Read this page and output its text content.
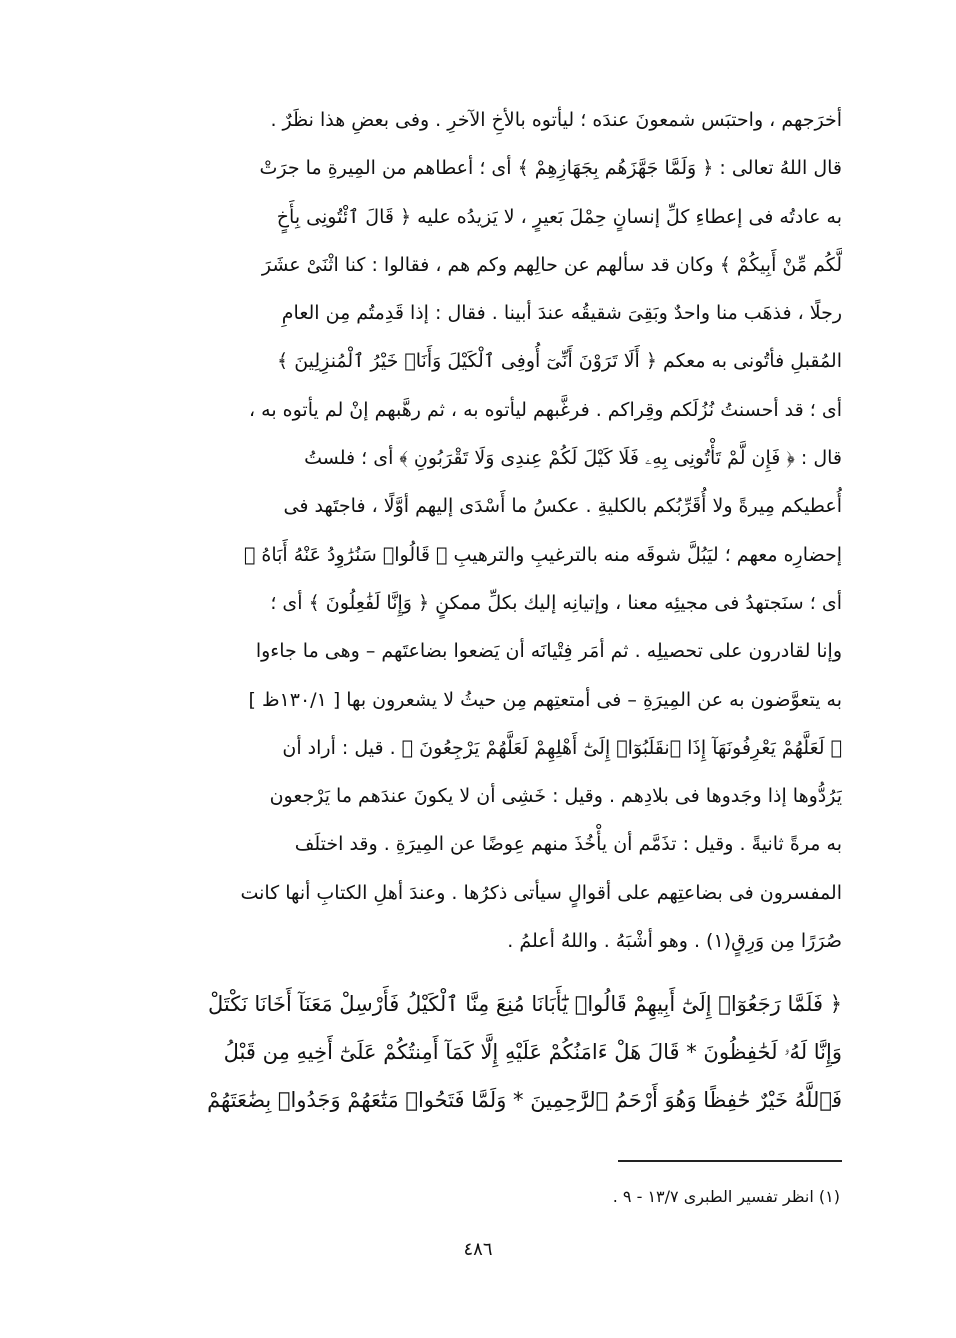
أخرَجهم ، واحتبَس شمعونَ عندَه ؛ ليأتوه بالأخِ الآخرِ . وفى بعضِ هذا نظَرٌ .
قال اللهُ تعالى : ﴿ وَلَمَّا جَهَّزَهُم بِجَهَازِهِمْ ﴾ أى ؛ أعطاهم من المِيرةِ ما جرَتْ
به عادتُه فى إعطاءِ كلِّ إنسانٍ حِمْلَ بَعيرٍ ، لا يَزيدُه عليه ﴿ قَالَ ٱئْتُونِى بِأَخٍ
لَّكُم مِّنْ أَبِيكُمْ ﴾ وكان قد سألهم عن حالِهم وكم هم ، فقالوا : كنا اثْنَىْ عشَرَ
رجلًا ، فذهَب منا واحدٌ وبَقِىَ شقيقُه عندَ أبينا . فقال : إذا قَدِمتُم مِن العامِ
المُقبلِ فأتُونى به معكم ﴿ أَلَا تَرَوْنَ أَنِّىٓ أُوفِى ٱلْكَيْلَ وَأَنَا۠ خَيْرُ ٱلْمُنزِلِينَ ﴾
أى ؛ قد أحسنتُ نُزُلَكم وقِراكم . فرغَّبهم ليأتوه به ، ثم رهَّبهم إنْ لم يأتوه به ،
قال : ﴿ فَإِن لَّمْ تَأْتُونِى بِهِۦ فَلَا كَيْلَ لَكُمْ عِندِى وَلَا تَقْرَبُونِ ﴾ أى ؛ فلستُ
أُعطيكم مِيرةً ولا أُقَرِّبُكم بالكليةِ . عكسُ ما أَسْدَى إليهم أوَّلًا ، فاجتَهد فى
إحضارِه معهم ؛ ليَبُلَّ شوقَه منه بالترغيبِ والترهيبِ ﴿ قَالُوا۟ سَنُرَٰوِدُ عَنْهُ أَبَاهُ ﴾
أى ؛ سنَجتهدُ فى مجيئِه معنا ، وإتيانِه إليك بكلِّ ممكنٍ ﴿ وَإِنَّا لَفَٰعِلُونَ ﴾ أى ؛
وإنا لقادرون على تحصيلِه . ثم أمَر فِتْيانَه أن يَضعوا بضاعتَهم – وهى ما جاءوا
به يتعوَّضون به عن المِيرَةِ – فى أمتعتِهم مِن حيثُ لا يشعرون بها [ ١٣٠/١ظ ]
﴿ لَعَلَّهُمْ يَعْرِفُونَهَآ إِذَا ٱنقَلَبُوٓا۟ إِلَىٰٓ أَهْلِهِمْ لَعَلَّهُمْ يَرْجِعُونَ ﴾ . قيل : أراد أن
يَرُدُّوها إذا وجَدوها فى بلادِهم . وقيل : خَشِى أن لا يكونَ عندَهم ما يَرْجعون
به مرةً ثانيةً . وقيل : تذَمَّم أن يأْخُذَ منهم عِوضًا عن المِيرَةِ . وقد اختلَف
المفسرون فى بضاعتِهم على أقوالٍ سيأتى ذكرُها . وعندَ أهلِ الكتابِ أنها كانت
صُرَرًا مِن وَرِقٍ(١) . وهو أشْبَهُ . واللهُ أعلمُ .
﴿ فَلَمَّا رَجَعُوٓا۟ إِلَىٰٓ أَبِيهِمْ قَالُوا۟ يَٰٓأَبَانَا مُنِعَ مِنَّا ٱلْكَيْلُ فَأَرْسِلْ مَعَنَآ أَخَانَا نَكْتَلْ
وَإِنَّا لَهُۥ لَحَٰفِظُونَ * قَالَ هَلْ ءَامَنُكُمْ عَلَيْهِ إِلَّا كَمَآ أَمِنتُكُمْ عَلَىٰٓ أَخِيهِ مِن قَبْلُ
فَٱللَّهُ خَيْرٌ حَٰفِظًا وَهُوَ أَرْحَمُ ٱلرَّٰحِمِينَ * وَلَمَّا فَتَحُوا۟ مَتَٰعَهُمْ وَجَدُوا۟ بِضَٰعَتَهُمْ
(١) انظر تفسير الطبرى ١٣/٧ - ٩ .
٤٨٦
